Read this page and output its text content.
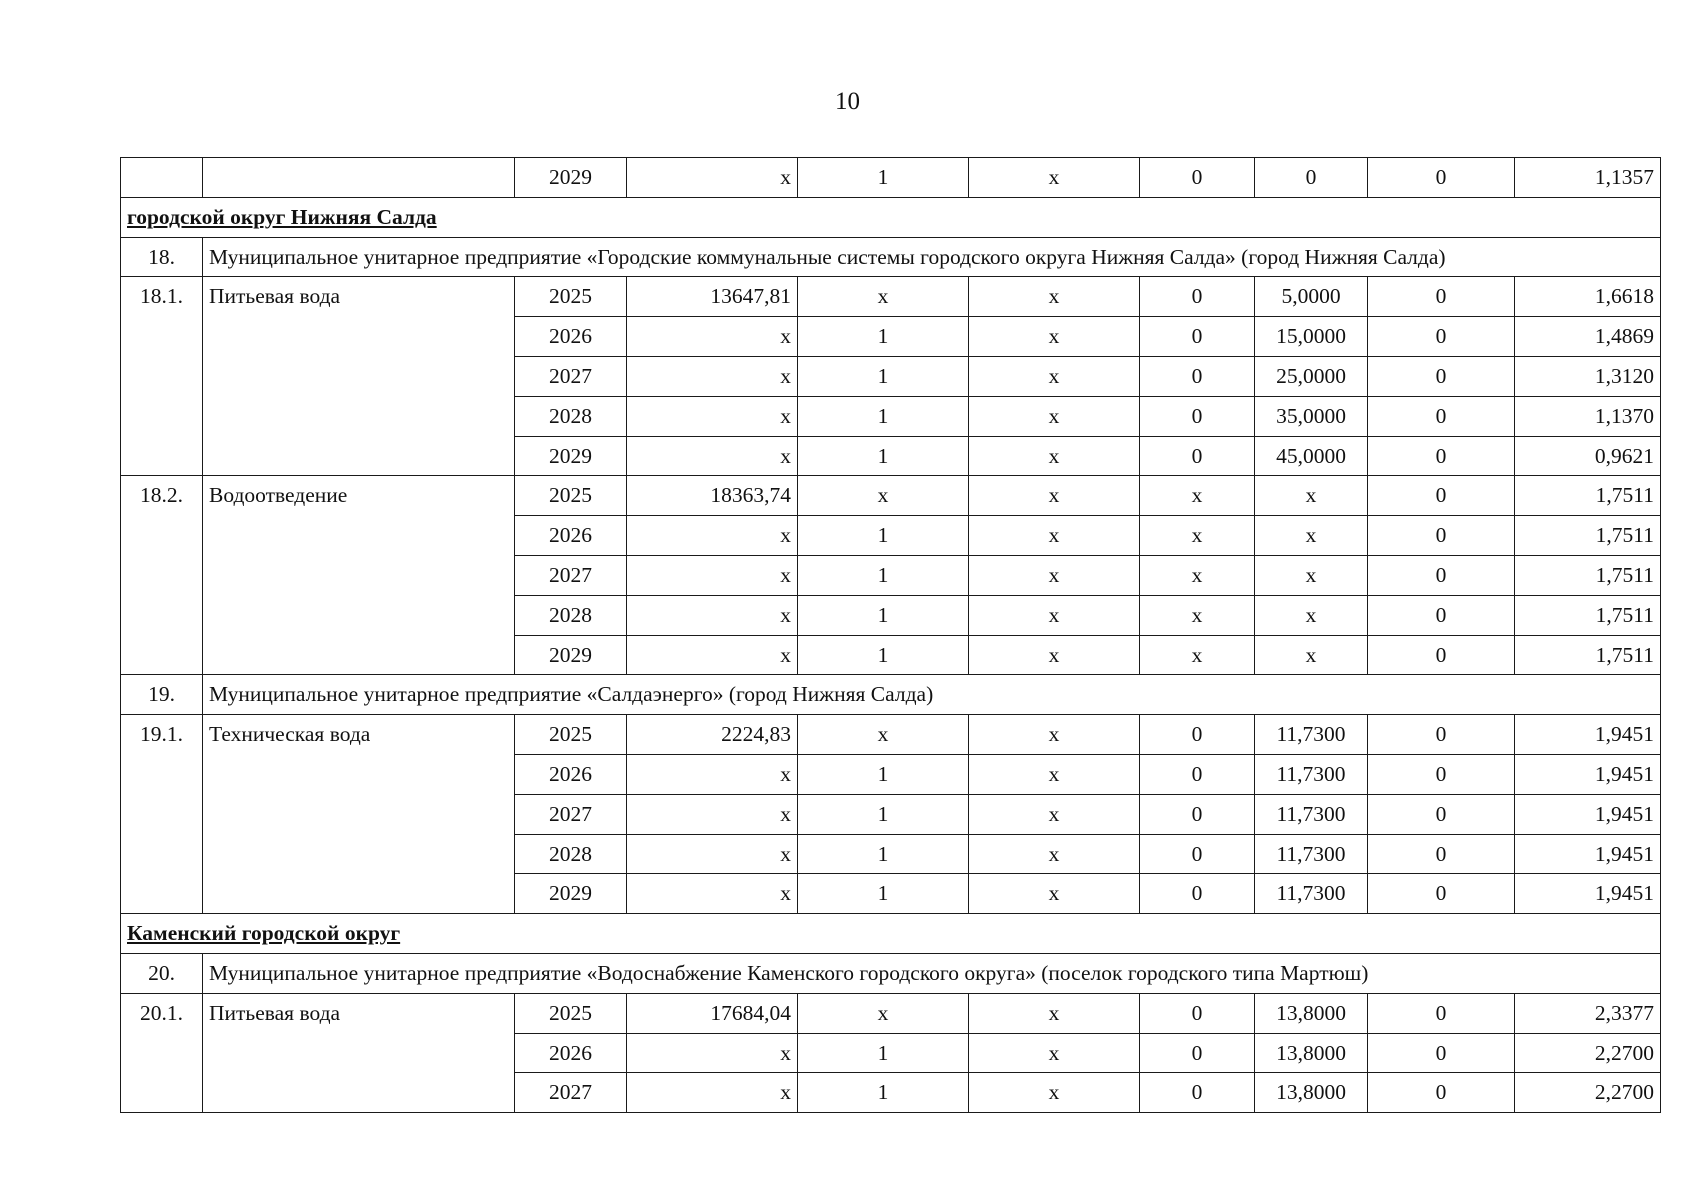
10
		2029	х	1	х	0	0	0	1,1357
городской округ Нижняя Салда									
18.	Муниципальное унитарное предприятие «Городские коммунальные системы городского округа Нижняя Салда» (город Нижняя Салда)								
18.1.	Питьевая вода	2025	13647,81	х	х	0	5,0000	0	1,6618
		2026	х	1	х	0	15,0000	0	1,4869
		2027	х	1	х	0	25,0000	0	1,3120
		2028	х	1	х	0	35,0000	0	1,1370
		2029	х	1	х	0	45,0000	0	0,9621
18.2.	Водоотведение	2025	18363,74	х	х	х	х	0	1,7511
		2026	х	1	х	х	х	0	1,7511
		2027	х	1	х	х	х	0	1,7511
		2028	х	1	х	х	х	0	1,7511
		2029	х	1	х	х	х	0	1,7511
19.	Муниципальное унитарное предприятие «Салдаэнерго» (город Нижняя Салда)								
19.1.	Техническая вода	2025	2224,83	х	х	0	11,7300	0	1,9451
		2026	х	1	х	0	11,7300	0	1,9451
		2027	х	1	х	0	11,7300	0	1,9451
		2028	х	1	х	0	11,7300	0	1,9451
		2029	х	1	х	0	11,7300	0	1,9451
Каменский городской округ									
20.	Муниципальное унитарное предприятие «Водоснабжение Каменского городского округа» (поселок городского типа Мартюш)								
20.1.	Питьевая вода	2025	17684,04	х	х	0	13,8000	0	2,3377
		2026	х	1	х	0	13,8000	0	2,2700
		2027	х	1	х	0	13,8000	0	2,2700
